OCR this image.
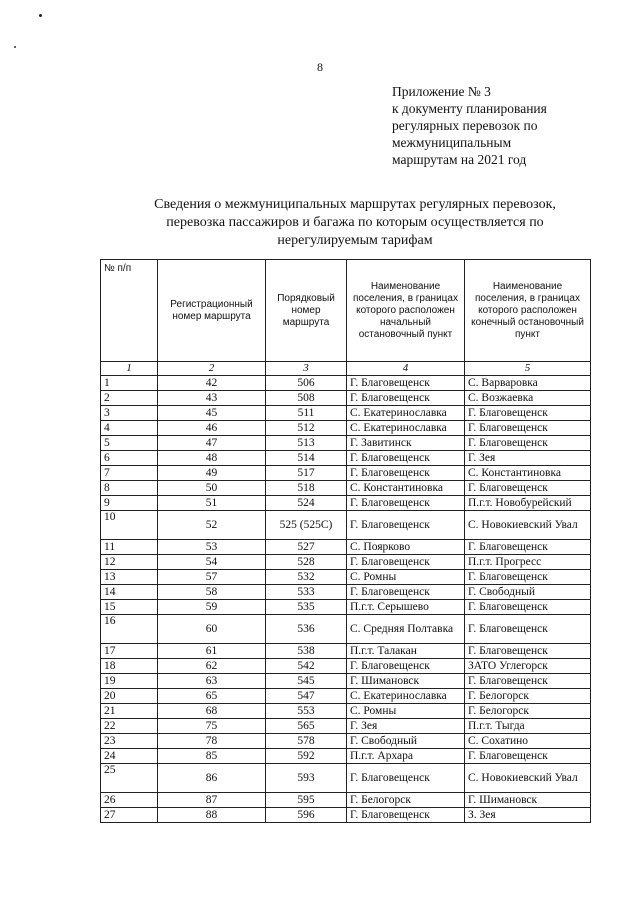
8
Приложение № 3
к документу планирования
регулярных перевозок по
межмуниципальным
маршрутам на 2021 год
Сведения о межмуниципальных маршрутах регулярных перевозок,
перевозка пассажиров и багажа по которым осуществляется по
нерегулируемым тарифам
№ п/п	Регистрационный номер маршрута	Порядковый номер маршрута	Наименование поселения, в границах которого расположен начальный остановочный пункт	Наименование поселения, в границах которого расположен конечный остановочный пункт
1	2	3	4	5
1	42	506	Г. Благовещенск	С. Варваровка
2	43	508	Г. Благовещенск	С. Возжаевка
3	45	511	С. Екатеринославка	Г. Благовещенск
4	46	512	С. Екатеринославка	Г. Благовещенск
5	47	513	Г. Завитинск	Г. Благовещенск
6	48	514	Г. Благовещенск	Г. Зея
7	49	517	Г. Благовещенск	С. Константиновка
8	50	518	С. Константиновка	Г. Благовещенск
9	51	524	Г. Благовещенск	П.г.т. Новобурейский
10	52	525 (525С)	Г. Благовещенск	С. Новокиевский Увал
11	53	527	С. Поярково	Г. Благовещенск
12	54	528	Г. Благовещенск	П.г.т. Прогресс
13	57	532	С. Ромны	Г. Благовещенск
14	58	533	Г. Благовещенск	Г. Свободный
15	59	535	П.г.т. Серышево	Г. Благовещенск
16	60	536	С. Средняя Полтавка	Г. Благовещенск
17	61	538	П.г.т. Талакан	Г. Благовещенск
18	62	542	Г. Благовещенск	ЗАТО Углегорск
19	63	545	Г. Шимановск	Г. Благовещенск
20	65	547	С. Екатеринославка	Г. Белогорск
21	68	553	С. Ромны	Г. Белогорск
22	75	565	Г. Зея	П.г.т. Тыгда
23	78	578	Г. Свободный	С. Сохатино
24	85	592	П.г.т. Архара	Г. Благовещенск
25	86	593	Г. Благовещенск	С. Новокиевский Увал
26	87	595	Г. Белогорск	Г. Шимановск
27	88	596	Г. Благовещенск	З. Зея
